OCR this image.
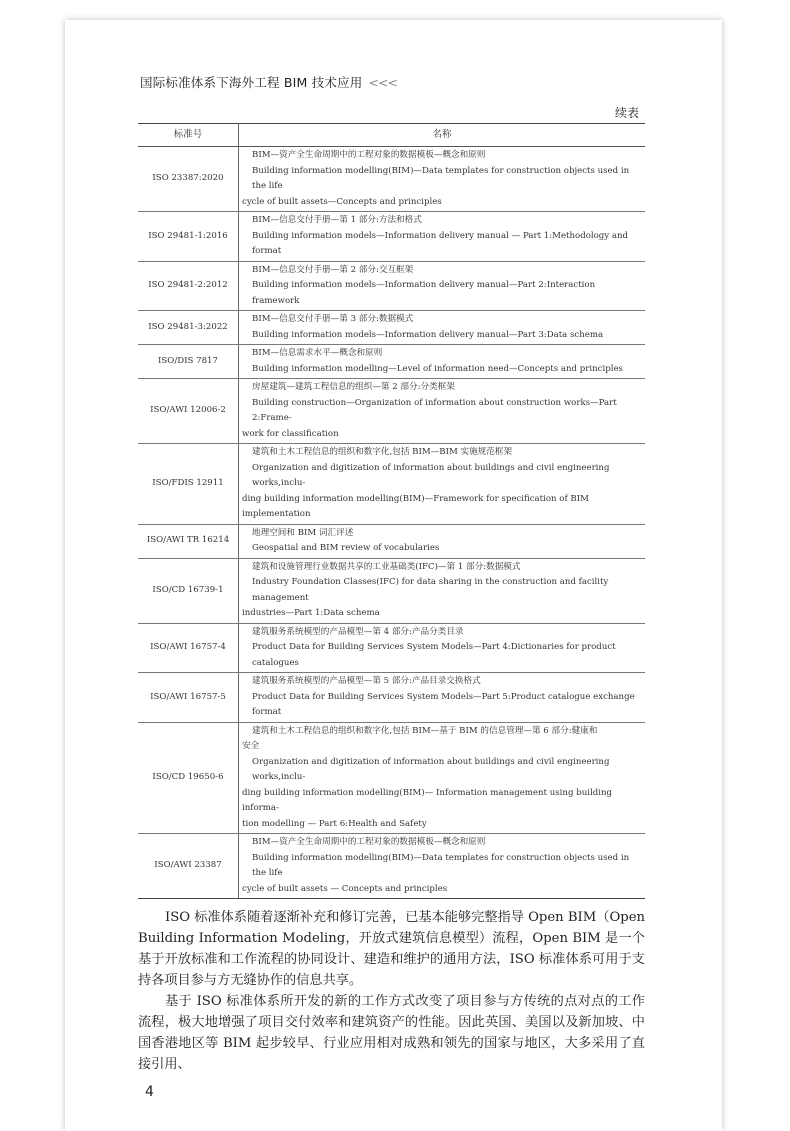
国际标准体系下海外工程 BIM 技术应用 <<<
续表
标准号	名称
ISO 23387:2020	BIM—资产全生命周期中的工程对象的数据模板—概念和原则
Building information modelling(BIM)—Data templates for construction objects used in the life
cycle of built assets—Concepts and principles

ISO 29481-1:2016	BIM—信息交付手册—第 1 部分:方法和格式
Building information models—Information delivery manual — Part 1:Methodology and format

ISO 29481-2:2012	BIM—信息交付手册—第 2 部分:交互框架
Building information models—Information delivery manual—Part 2:Interaction framework

ISO 29481-3:2022	BIM—信息交付手册—第 3 部分:数据模式
Building information models—Information delivery manual—Part 3:Data schema

ISO/DIS 7817	BIM—信息需求水平—概念和原则
Building information modelling—Level of information need—Concepts and principles

ISO/AWI 12006-2	房屋建筑—建筑工程信息的组织—第 2 部分:分类框架
Building construction—Organization of information about construction works—Part 2:Frame-
work for classification

ISO/FDIS 12911	建筑和土木工程信息的组织和数字化,包括 BIM—BIM 实施规范框架
Organization and digitization of information about buildings and civil engineering works,inclu-
ding building information modelling(BIM)—Framework for specification of BIM implementation

ISO/AWI TR 16214	地理空间和 BIM 词汇评述
Geospatial and BIM review of vocabularies

ISO/CD 16739-1	建筑和设施管理行业数据共享的工业基础类(IFC)—第 1 部分:数据模式
Industry Foundation Classes(IFC) for data sharing in the construction and facility management
industries—Part 1:Data schema

ISO/AWI 16757-4	建筑服务系统模型的产品模型—第 4 部分:产品分类目录
Product Data for Building Services System Models—Part 4:Dictionaries for product catalogues

ISO/AWI 16757-5	建筑服务系统模型的产品模型—第 5 部分:产品目录交换格式
Product Data for Building Services System Models—Part 5:Product catalogue exchange format

ISO/CD 19650-6	建筑和土木工程信息的组织和数字化,包括 BIM—基于 BIM 的信息管理—第 6 部分:健康和
安全
Organization and digitization of information about buildings and civil engineering works,inclu-
ding building information modelling(BIM)— Information management using building informa-
tion modelling — Part 6:Health and Safety

ISO/AWI 23387	BIM—资产全生命周期中的工程对象的数据模板—概念和原则
Building information modelling(BIM)—Data templates for construction objects used in the life
cycle of built assets — Concepts and principles

ISO 标准体系随着逐渐补充和修订完善，已基本能够完整指导 Open BIM（Open Building Information Modeling，开放式建筑信息模型）流程，Open BIM 是一个基于开放标准和工作流程的协同设计、建造和维护的通用方法，ISO 标准体系可用于支持各项目参与方无缝协作的信息共享。

基于 ISO 标准体系所开发的新的工作方式改变了项目参与方传统的点对点的工作流程，极大地增强了项目交付效率和建筑资产的性能。因此英国、美国以及新加坡、中国香港地区等 BIM 起步较早、行业应用相对成熟和领先的国家与地区，大多采用了直接引用、

4
